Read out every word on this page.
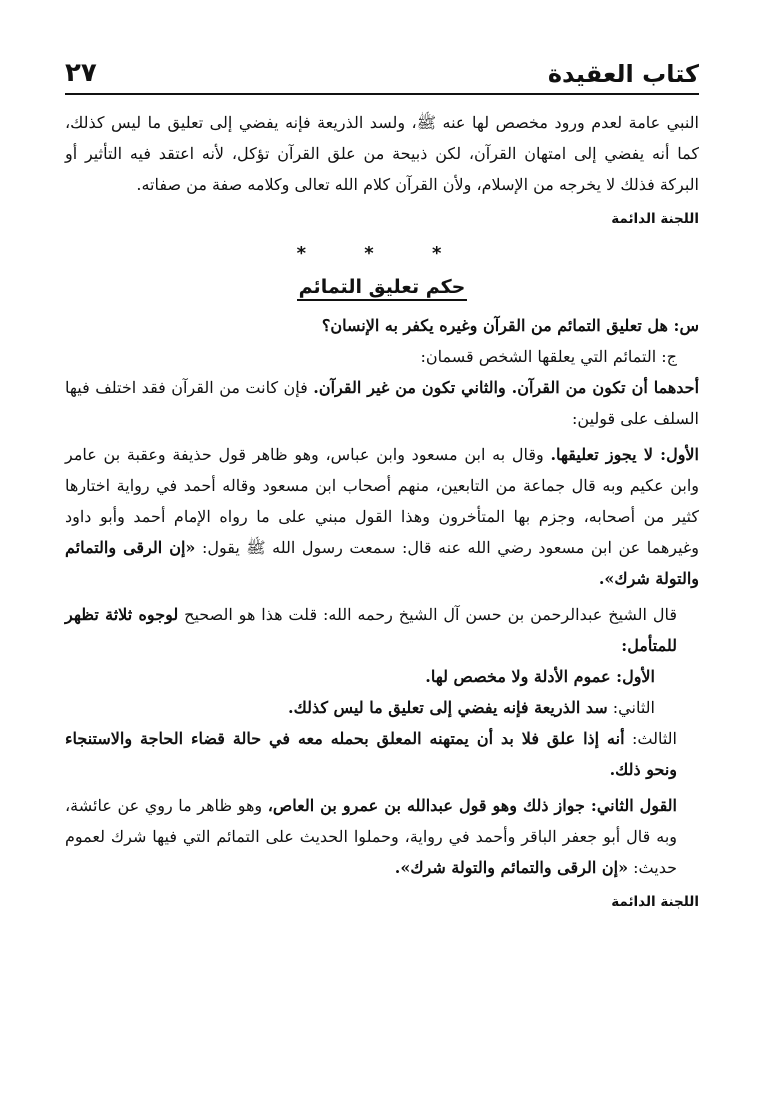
كتاب العقيدة
٢٧

النبي عامة لعدم ورود مخصص لها عنه ﷺ، ولسد الذريعة فإنه يفضي إلى تعليق ما ليس كذلك، كما أنه يفضي إلى امتهان القرآن، لكن ذبيحة من علق القرآن تؤكل، لأنه اعتقد فيه التأثير أو البركة فذلك لا يخرجه من الإسلام، ولأن القرآن كلام الله تعالى وكلامه صفة من صفاته.

اللجنة الدائمة
* * *
حكم تعليق التمائم

س: هل تعليق التمائم من القرآن وغيره يكفر به الإنسان؟

ج: التمائم التي يعلقها الشخص قسمان:

أحدهما أن تكون من القرآن. والثاني تكون من غير القرآن. فإن كانت من القرآن فقد اختلف فيها السلف على قولين:

الأول: لا يجوز تعليقها. وقال به ابن مسعود وابن عباس، وهو ظاهر قول حذيفة وعقبة بن عامر وابن عكيم وبه قال جماعة من التابعين، منهم أصحاب ابن مسعود وقاله أحمد في رواية اختارها كثير من أصحابه، وجزم بها المتأخرون وهذا القول مبني على ما رواه الإمام أحمد وأبو داود وغيرهما عن ابن مسعود رضي الله عنه قال: سمعت رسول الله ﷺ يقول: «إن الرقى والتمائم والتولة شرك».

قال الشيخ عبدالرحمن بن حسن آل الشيخ رحمه الله: قلت هذا هو الصحيح لوجوه ثلاثة تظهر للمتأمل:

الأول: عموم الأدلة ولا مخصص لها.

الثاني: سد الذريعة فإنه يفضي إلى تعليق ما ليس كذلك.

الثالث: أنه إذا علق فلا بد أن يمتهنه المعلق بحمله معه في حالة قضاء الحاجة والاستنجاء ونحو ذلك.

القول الثاني: جواز ذلك وهو قول عبدالله بن عمرو بن العاص، وهو ظاهر ما روي عن عائشة، وبه قال أبو جعفر الباقر وأحمد في رواية، وحملوا الحديث على التمائم التي فيها شرك لعموم حديث: «إن الرقى والتمائم والتولة شرك».

اللجنة الدائمة
